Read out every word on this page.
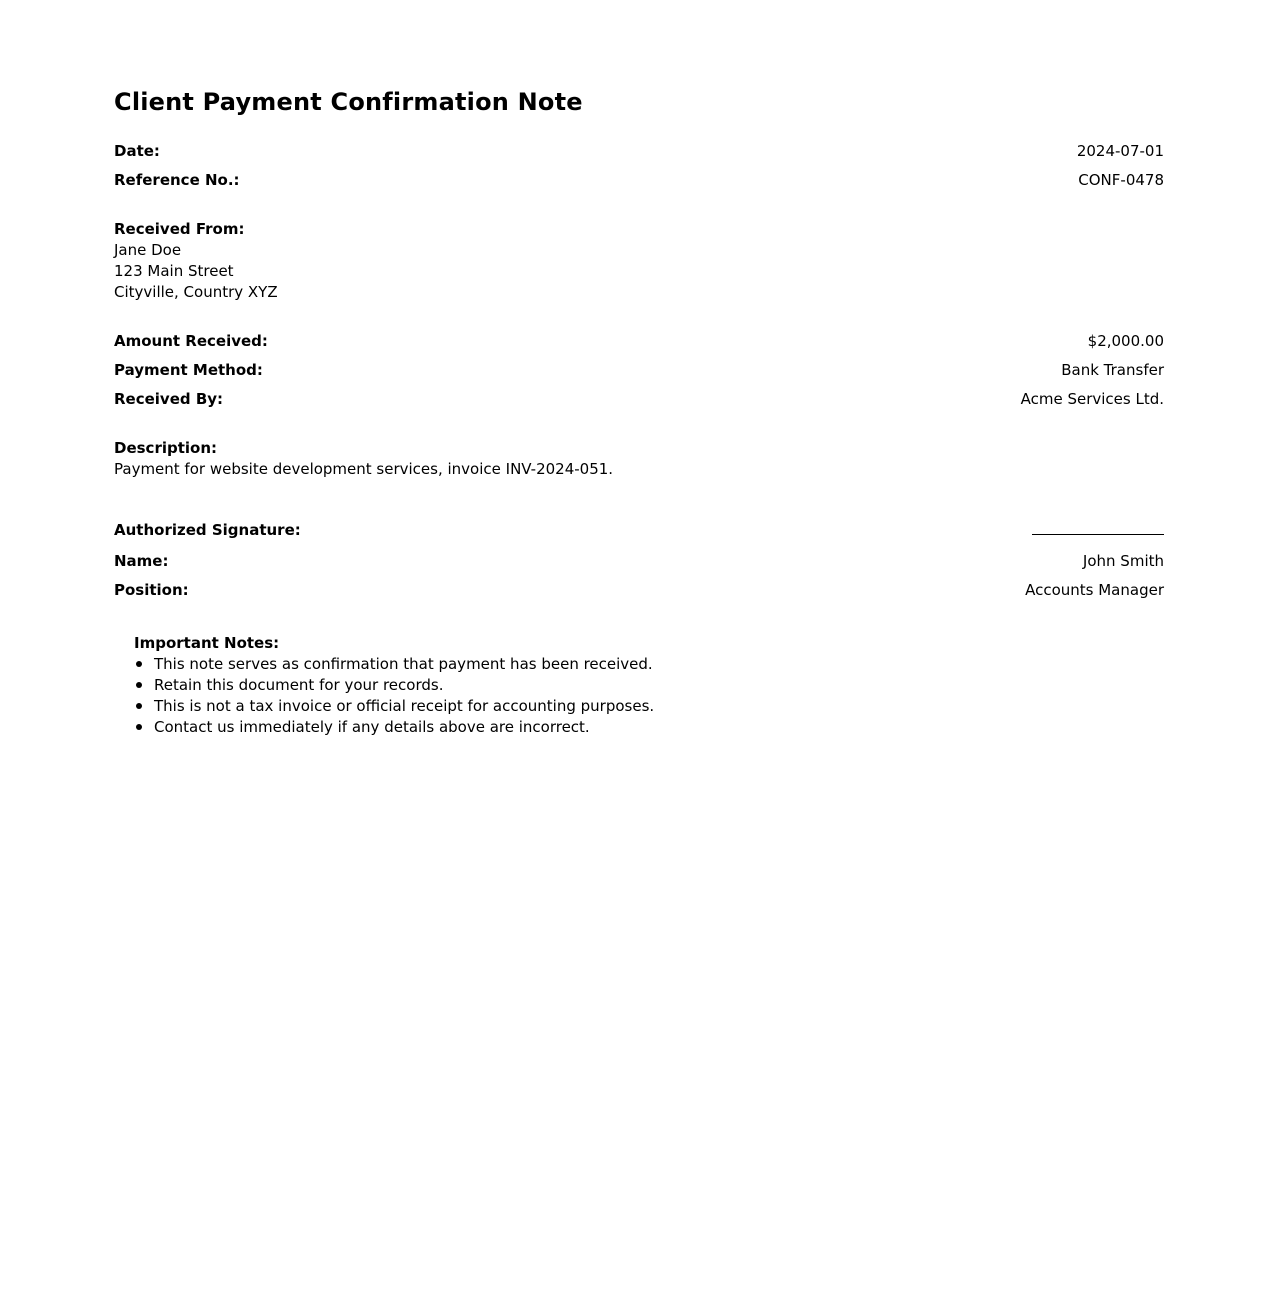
Client Payment Confirmation Note
Date:	2024-07-01
Reference No.:	CONF-0478
Received From:
Jane Doe
123 Main Street
Cityville, Country XYZ
Amount Received:	$2,000.00
Payment Method:	Bank Transfer
Received By:	Acme Services Ltd.
Description:
Payment for website development services, invoice INV-2024-051.
Authorized Signature:
Name:	John Smith
Position:	Accounts Manager
Important Notes:
This note serves as confirmation that payment has been received.
Retain this document for your records.
This is not a tax invoice or official receipt for accounting purposes.
Contact us immediately if any details above are incorrect.
